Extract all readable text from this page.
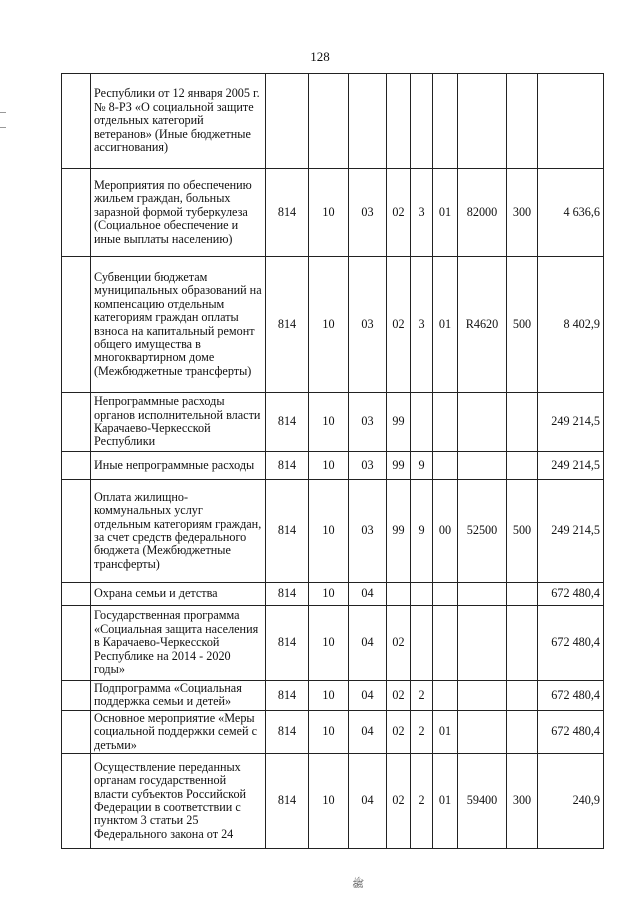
128
	Республики от 12 января 2005 г. № 8-РЗ «О социальной защите отдельных категорий ветеранов» (Иные бюджетные ассигнования)									
	Мероприятия по обеспечению жильем граждан, больных заразной формой туберкулеза (Социальное обеспечение и иные выплаты населению)	814	10	03	02	3	01	82000	300	4 636,6
	Субвенции бюджетам муниципальных образований на компенсацию отдельным категориям граждан оплаты взноса на капитальный ремонт общего имущества в многоквартирном доме (Межбюджетные трансферты)	814	10	03	02	3	01	R4620	500	8 402,9
	Непрограммные расходы органов исполнительной власти Карачаево-Черкесской Республики	814	10	03	99					249 214,5
	Иные непрограммные расходы	814	10	03	99	9				249 214,5
	Оплата жилищно-коммунальных услуг отдельным категориям граждан, за счет средств федерального бюджета (Межбюджетные трансферты)	814	10	03	99	9	00	52500	500	249 214,5
	Охрана семьи и детства	814	10	04						672 480,4
	Государственная программа «Социальная защита населения в Карачаево-Черкесской Республике на 2014 - 2020 годы»	814	10	04	02					672 480,4
	Подпрограмма «Социальная поддержка семьи и детей»	814	10	04	02	2				672 480,4
	Основное мероприятие «Меры социальной поддержки семей с детьми»	814	10	04	02	2	01			672 480,4
	Осуществление переданных органам государственной власти субъектов Российской Федерации в соответствии с пунктом 3 статьи 25 Федерального закона от 24	814	10	04	02	2	01	59400	300	240,9
ﷺ
